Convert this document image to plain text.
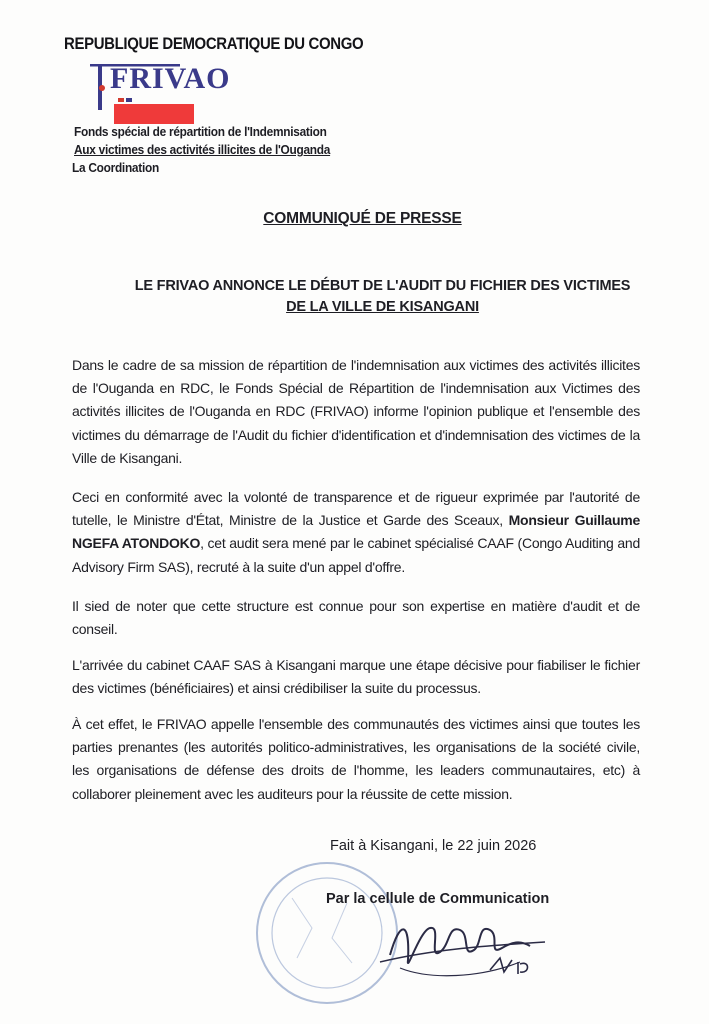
REPUBLIQUE DEMOCRATIQUE DU CONGO
FRIVAO
Fonds spécial de répartition de l'Indemnisation
Aux victimes des activités illicites de l'Ouganda
La Coordination
COMMUNIQUÉ DE PRESSE
LE FRIVAO ANNONCE LE DÉBUT DE L'AUDIT DU FICHIER DES VICTIMES
DE LA VILLE DE KISANGANI
Dans le cadre de sa mission de répartition de l'indemnisation aux victimes des activités illicites de l'Ouganda en RDC, le Fonds Spécial de Répartition de l'indemnisation aux Victimes des activités illicites de l'Ouganda en RDC (FRIVAO) informe l'opinion publique et l'ensemble des victimes du démarrage de l'Audit du fichier d'identification et d'indemnisation des victimes de la Ville de Kisangani.
Ceci en conformité avec la volonté de transparence et de rigueur exprimée par l'autorité de tutelle, le Ministre d'État, Ministre de la Justice et Garde des Sceaux, Monsieur Guillaume NGEFA ATONDOKO, cet audit sera mené par le cabinet spécialisé CAAF (Congo Auditing and Advisory Firm SAS), recruté à la suite d'un appel d'offre.
Il sied de noter que cette structure est connue pour son expertise en matière d'audit et de conseil.
L'arrivée du cabinet CAAF SAS à Kisangani marque une étape décisive pour fiabiliser le fichier des victimes (bénéficiaires) et ainsi crédibiliser la suite du processus.
À cet effet, le FRIVAO appelle l'ensemble des communautés des victimes ainsi que toutes les parties prenantes (les autorités politico-administratives, les organisations de la société civile, les organisations de défense des droits de l'homme, les leaders communautaires, etc) à collaborer pleinement avec les auditeurs pour la réussite de cette mission.
Fait à Kisangani, le 22 juin 2026
Par la cellule de Communication
